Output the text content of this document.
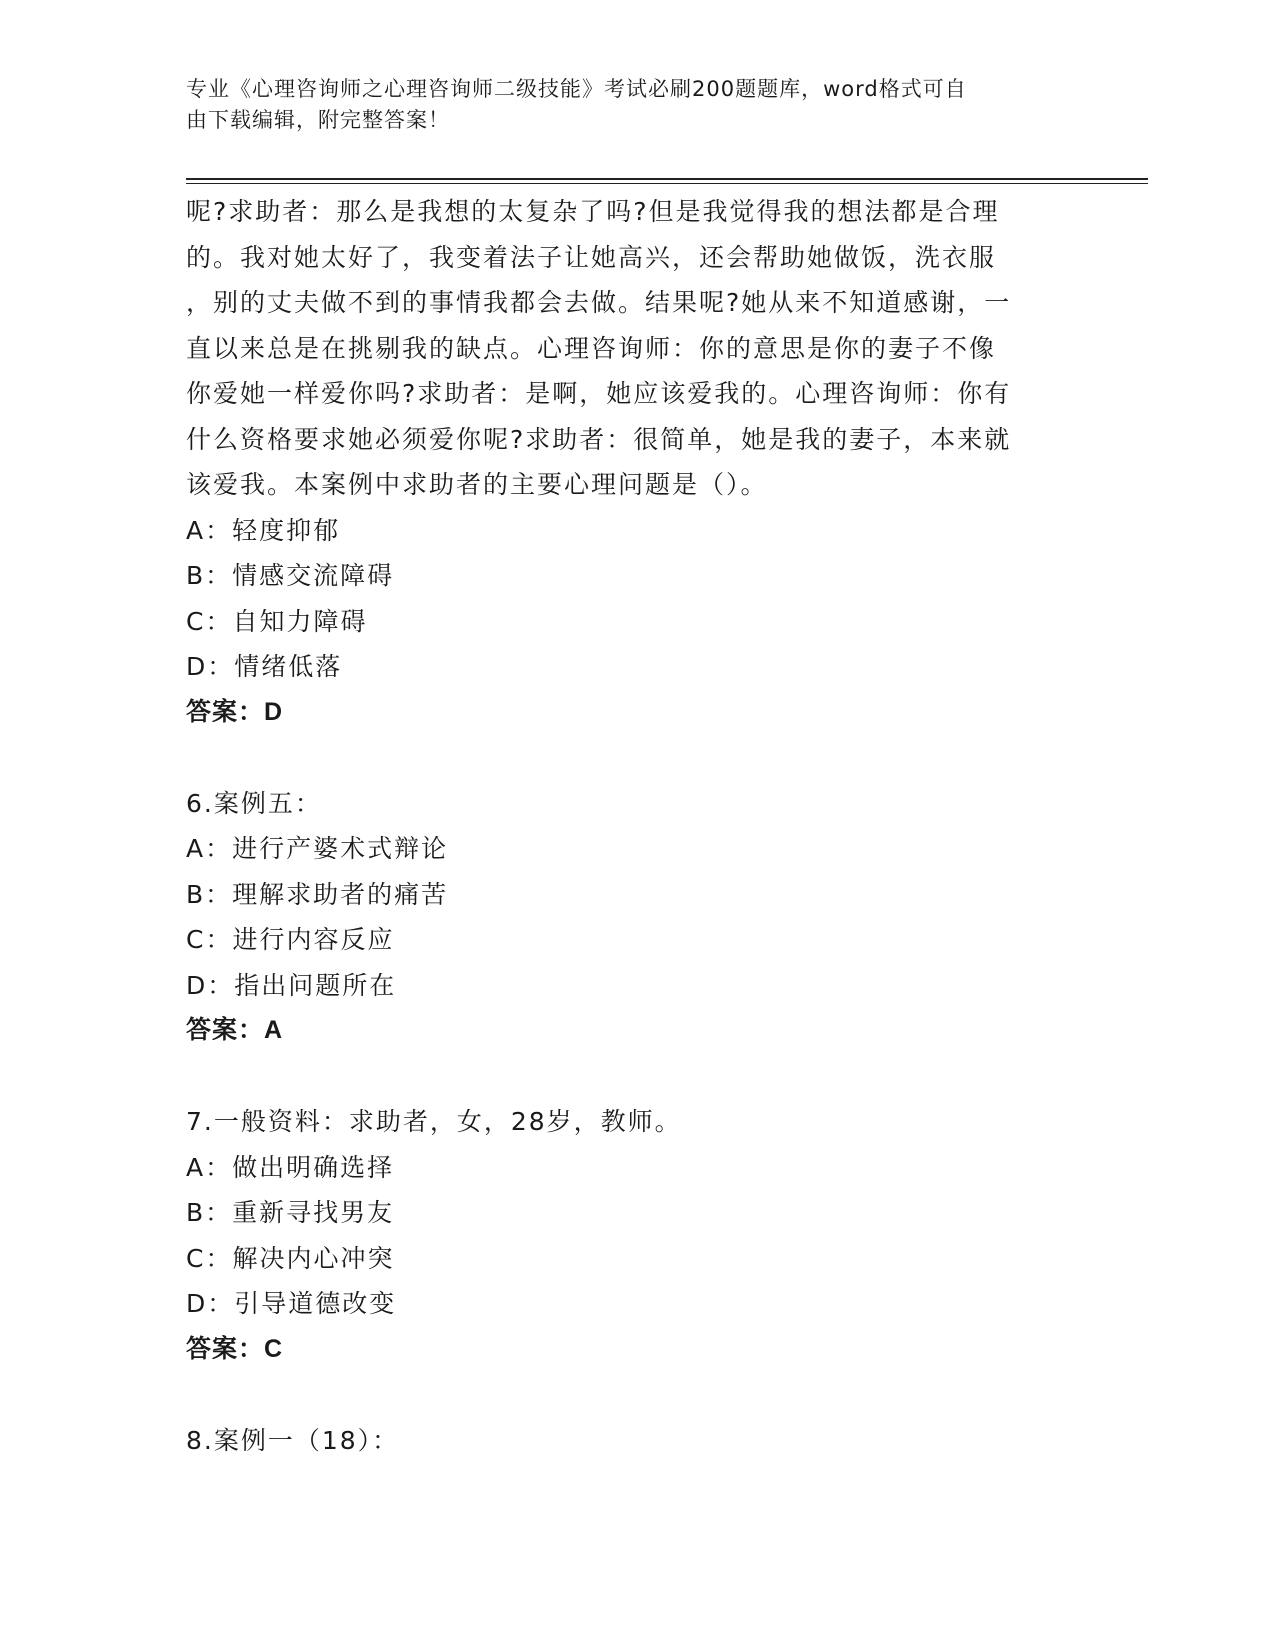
专业《心理咨询师之心理咨询师二级技能》考试必刷200题题库，word格式可自
由下载编辑，附完整答案！
呢?求助者：那么是我想的太复杂了吗?但是我觉得我的想法都是合理
的。我对她太好了，我变着法子让她高兴，还会帮助她做饭，洗衣服
，别的丈夫做不到的事情我都会去做。结果呢?她从来不知道感谢，一
直以来总是在挑剔我的缺点。心理咨询师：你的意思是你的妻子不像
你爱她一样爱你吗?求助者：是啊，她应该爱我的。心理咨询师：你有
什么资格要求她必须爱你呢?求助者：很简单，她是我的妻子，本来就
该爱我。本案例中求助者的主要心理问题是（）。
A：轻度抑郁
B：情感交流障碍
C：自知力障碍
D：情绪低落
答案：D
6.案例五：
A：进行产婆术式辩论
B：理解求助者的痛苦
C：进行内容反应
D：指出问题所在
答案：A
7.一般资料：求助者，女，28岁，教师。
A：做出明确选择
B：重新寻找男友
C：解决内心冲突
D：引导道德改变
答案：C
8.案例一（18）：
